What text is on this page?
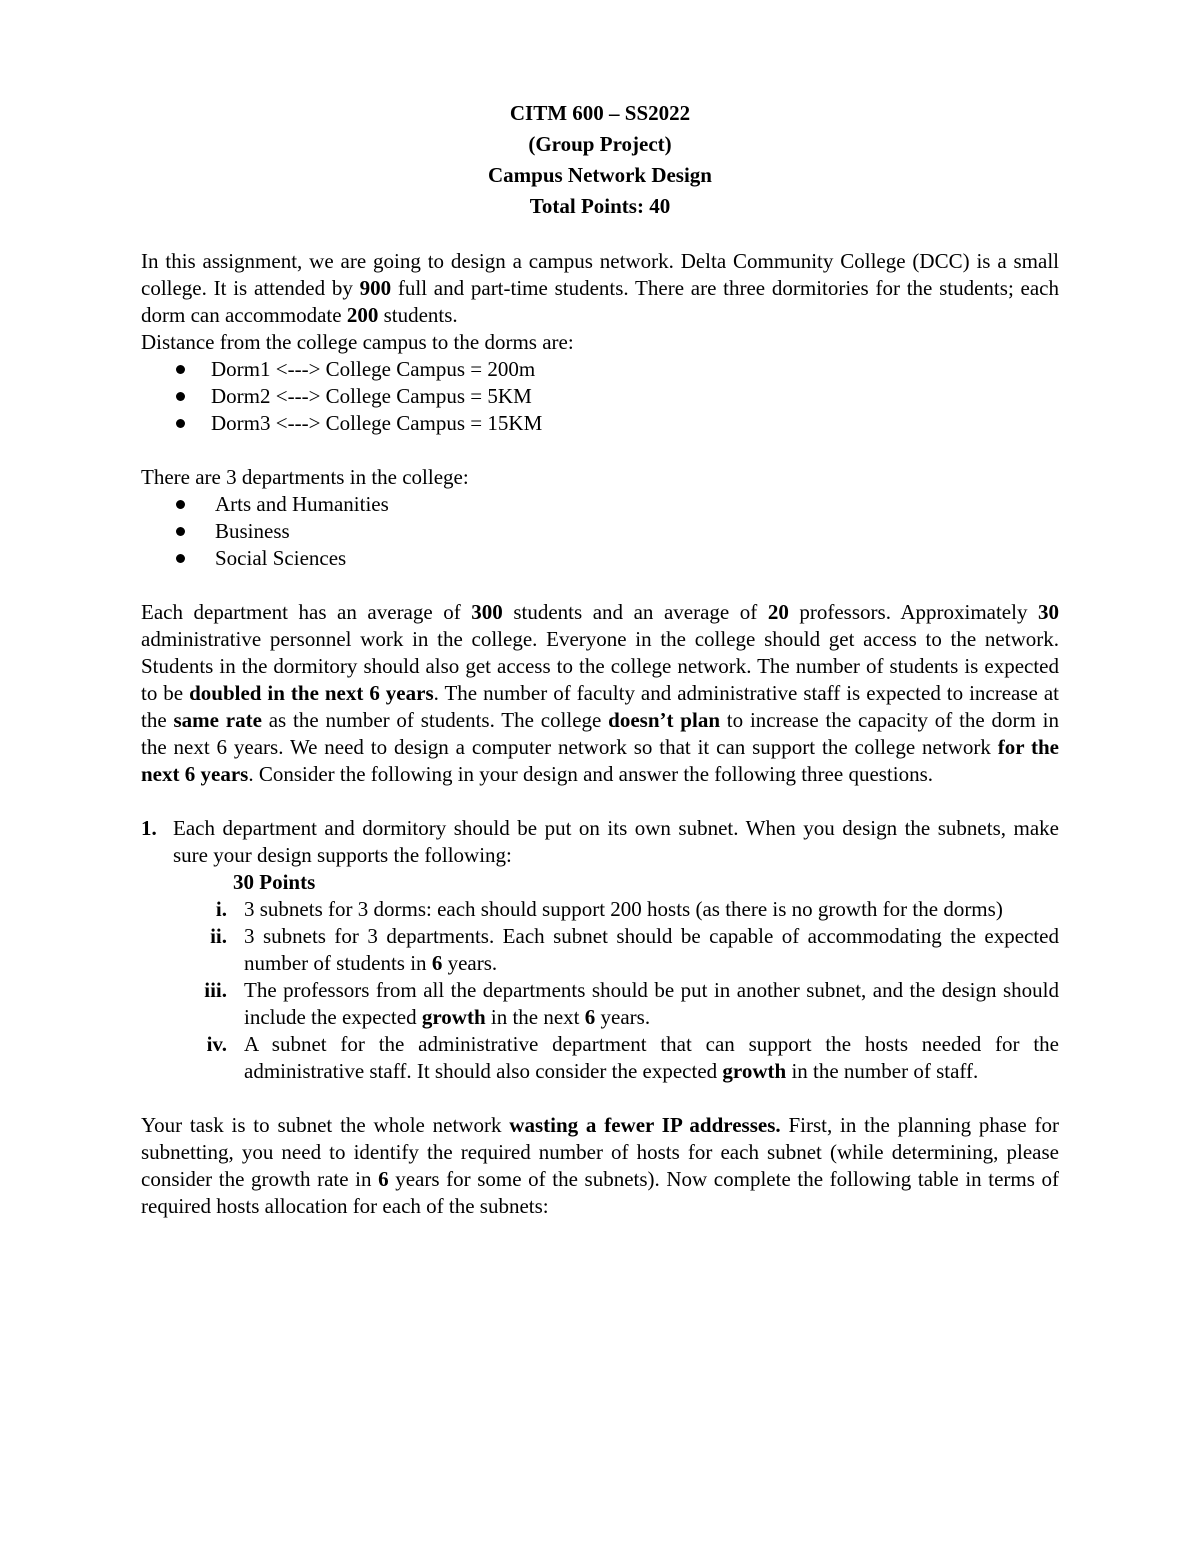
CITM 600 – SS2022
(Group Project)
Campus Network Design
Total Points: 40

In this assignment, we are going to design a campus network. Delta Community College (DCC) is a small college. It is attended by 900 full and part-time students. There are three dormitories for the students; each dorm can accommodate 200 students.

Distance from the college campus to the dorms are:

Dorm1 <---> College Campus = 200m
Dorm2 <---> College Campus = 5KM
Dorm3 <---> College Campus = 15KM

There are 3 departments in the college:

Arts and Humanities
Business
Social Sciences

Each department has an average of 300 students and an average of 20 professors. Approximately 30 administrative personnel work in the college. Everyone in the college should get access to the network. Students in the dormitory should also get access to the college network. The number of students is expected to be doubled in the next 6 years. The number of faculty and administrative staff is expected to increase at the same rate as the number of students. The college doesn’t plan to increase the capacity of the dorm in the next 6 years. We need to design a computer network so that it can support the college network for the next 6 years. Consider the following in your design and answer the following three questions.

1. Each department and dormitory should be put on its own subnet. When you design the subnets, make sure your design supports the following:

30 Points

i. 3 subnets for 3 dorms: each should support 200 hosts (as there is no growth for the dorms)

ii. 3 subnets for 3 departments. Each subnet should be capable of accommodating the expected number of students in 6 years.

iii. The professors from all the departments should be put in another subnet, and the design should include the expected growth in the next 6 years.

iv. A subnet for the administrative department that can support the hosts needed for the administrative staff. It should also consider the expected growth in the number of staff.

Your task is to subnet the whole network wasting a fewer IP addresses. First, in the planning phase for subnetting, you need to identify the required number of hosts for each subnet (while determining, please consider the growth rate in 6 years for some of the subnets). Now complete the following table in terms of required hosts allocation for each of the subnets:
